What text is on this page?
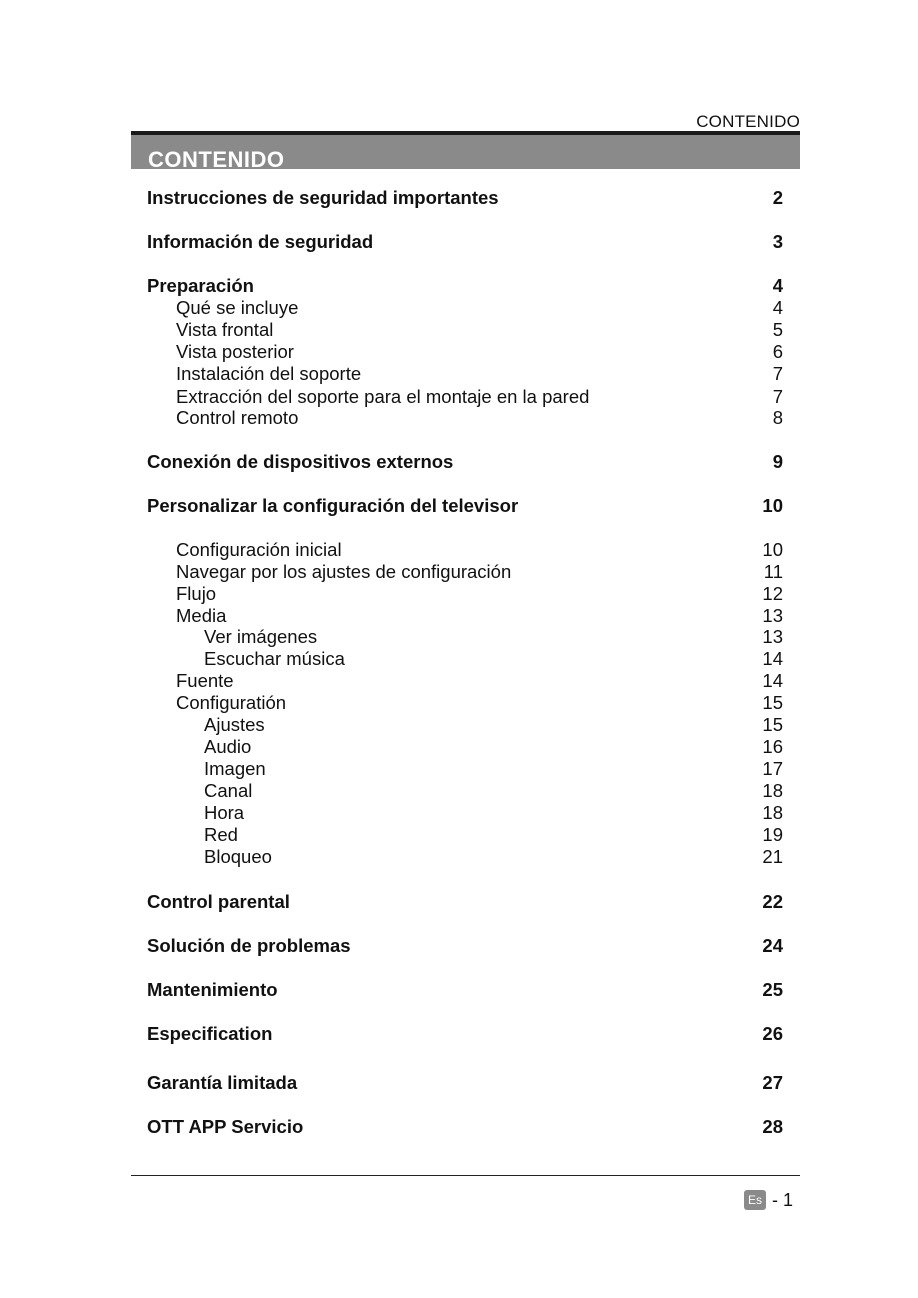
CONTENIDO
CONTENIDO
Instrucciones de seguridad importantes	2
Información de seguridad	3
Preparación	4
Qué se incluye	4
Vista frontal	5
Vista posterior	6
Instalación del soporte	7
Extracción del soporte para el montaje en la pared	7
Control remoto	8
Conexión de dispositivos externos	9
Personalizar la configuración del televisor	10
Configuración inicial	10
Navegar por los ajustes de configuración	11
Flujo	12
Media	13
Ver imágenes	13
Escuchar música	14
Fuente	14
Configuratión	15
Ajustes	15
Audio	16
Imagen	17
Canal	18
Hora	18
Red	19
Bloqueo	21
Control parental	22
Solución de problemas	24
Mantenimiento	25
Especification	26
Garantía limitada	27
OTT APP Servicio	28
Es - 1
